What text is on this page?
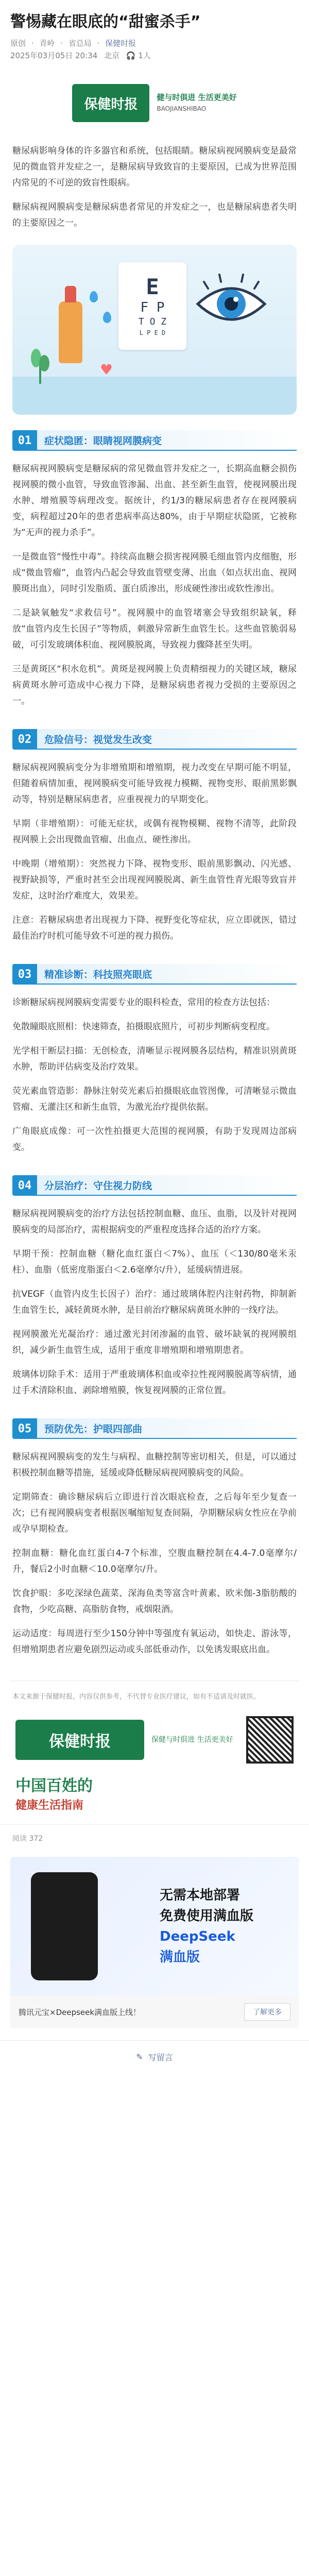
警惕藏在眼底的“甜蜜杀手”
原创 · 青岭 · 省总局 · 保健时报
2025年03月05日 20:34 北京 🎧 1人
保健时报	健与时俱进 生活更美好
BAOJIANSHIBAO

糖尿病影响身体的许多器官和系统，包括眼睛。糖尿病视网膜病变是最常见的微血管并发症之一，是糖尿病导致致盲的主要原因，已成为世界范围内常见的不可逆的致盲性眼病。

糖尿病视网膜病变是糖尿病患者常见的并发症之一，也是糖尿病患者失明的主要原因之一。

♥
E
F P
T O Z
L P E D
01	症状隐匿：眼睛视网膜病变

糖尿病视网膜病变是糖尿病的常见微血管并发症之一，长期高血糖会损伤视网膜的微小血管，导致血管渗漏、出血、甚至新生血管，使视网膜出现水肿、增殖膜等病理改变。据统计，约1/3的糖尿病患者存在视网膜病变，病程超过20年的患者患病率高达80%，由于早期症状隐匿，它被称为“无声的视力杀手”。

一是微血管“慢性中毒”。持续高血糖会损害视网膜毛细血管内皮细胞，形成“微血管瘤”，血管内凸起会导致血管壁变薄、出血（如点状出血、视网膜斑出血），同时引发脂质、蛋白质渗出，形成硬性渗出或软性渗出。

二是缺氧触发“求救信号”。视网膜中的血管堵塞会导致组织缺氧，释放“血管内皮生长因子”等物质，刺激异常新生血管生长。这些血管脆弱易破，可引发玻璃体积血、视网膜脱离，导致视力骤降甚至失明。

三是黄斑区“积水危机”。黄斑是视网膜上负责精细视力的关键区域，糖尿病黄斑水肿可造成中心视力下降，是糖尿病患者视力受损的主要原因之一。

02	危险信号：视觉发生改变

糖尿病视网膜病变分为非增殖期和增殖期，视力改变在早期可能不明显，但随着病情加重，视网膜病变可能导致视力模糊、视物变形、眼前黑影飘动等，特别是糖尿病患者，应重视视力的早期变化。

早期（非增殖期）：可能无症状，或偶有视物模糊、视物不清等，此阶段视网膜上会出现微血管瘤、出血点、硬性渗出。

中晚期（增殖期）：突然视力下降、视物变形、眼前黑影飘动、闪光感、视野缺损等，严重时甚至会出现视网膜脱离、新生血管性青光眼等致盲并发症，这时治疗难度大，效果差。

注意：若糖尿病患者出现视力下降、视野变化等症状，应立即就医，错过最佳治疗时机可能导致不可逆的视力损伤。

03	精准诊断：科技照亮眼底

诊断糖尿病视网膜病变需要专业的眼科检查，常用的检查方法包括：

免散瞳眼底照相：快速筛查，拍摄眼底照片，可初步判断病变程度。

光学相干断层扫描：无创检查，清晰显示视网膜各层结构，精准识别黄斑水肿，帮助评估病变及治疗效果。

荧光素血管造影：静脉注射荧光素后拍摄眼底血管图像，可清晰显示微血管瘤、无灌注区和新生血管，为激光治疗提供依据。

广角眼底成像：可一次性拍摄更大范围的视网膜，有助于发现周边部病变。

04	分层治疗：守住视力防线

糖尿病视网膜病变的治疗方法包括控制血糖、血压、血脂，以及针对视网膜病变的局部治疗，需根据病变的严重程度选择合适的治疗方案。

早期干预：控制血糖（糖化血红蛋白＜7%）、血压（＜130/80毫米汞柱）、血脂（低密度脂蛋白＜2.6毫摩尔/升），延缓病情进展。

抗VEGF（血管内皮生长因子）治疗：通过玻璃体腔内注射药物，抑制新生血管生长，减轻黄斑水肿，是目前治疗糖尿病黄斑水肿的一线疗法。

视网膜激光光凝治疗：通过激光封闭渗漏的血管、破坏缺氧的视网膜组织，减少新生血管生成，适用于重度非增殖期和增殖期患者。

玻璃体切除手术：适用于严重玻璃体积血或牵拉性视网膜脱离等病情，通过手术清除积血、剥除增殖膜，恢复视网膜的正常位置。

05	预防优先：护眼四部曲

糖尿病视网膜病变的发生与病程、血糖控制等密切相关，但是，可以通过积极控制血糖等措施，延缓或降低糖尿病视网膜病变的风险。

定期筛查：确诊糖尿病后立即进行首次眼底检查，之后每年至少复查一次；已有视网膜病变者根据医嘱缩短复查间隔，孕期糖尿病女性应在孕前或孕早期检查。

控制血糖：糖化血红蛋白4-7个标准，空腹血糖控制在4.4-7.0毫摩尔/升，餐后2小时血糖＜10.0毫摩尔/升。

饮食护眼：多吃深绿色蔬菜、深海鱼类等富含叶黄素、欧米伽-3脂肪酸的食物，少吃高糖、高脂肪食物，戒烟限酒。

运动适度：每周进行至少150分钟中等强度有氧运动，如快走、游泳等，但增殖期患者应避免剧烈运动或头部低垂动作，以免诱发眼底出血。

本文来源于保健时报，内容仅供参考，不代替专业医疗建议，如有不适请及时就医。

保健时报	保健与时俱进 生活更美好
中国百姓的
健康生活指南
阅读 372
无需本地部署
免费使用满血版
DeepSeek
满血版
腾讯元宝×Deepseek满血版上线！	了解更多
✎ 写留言
